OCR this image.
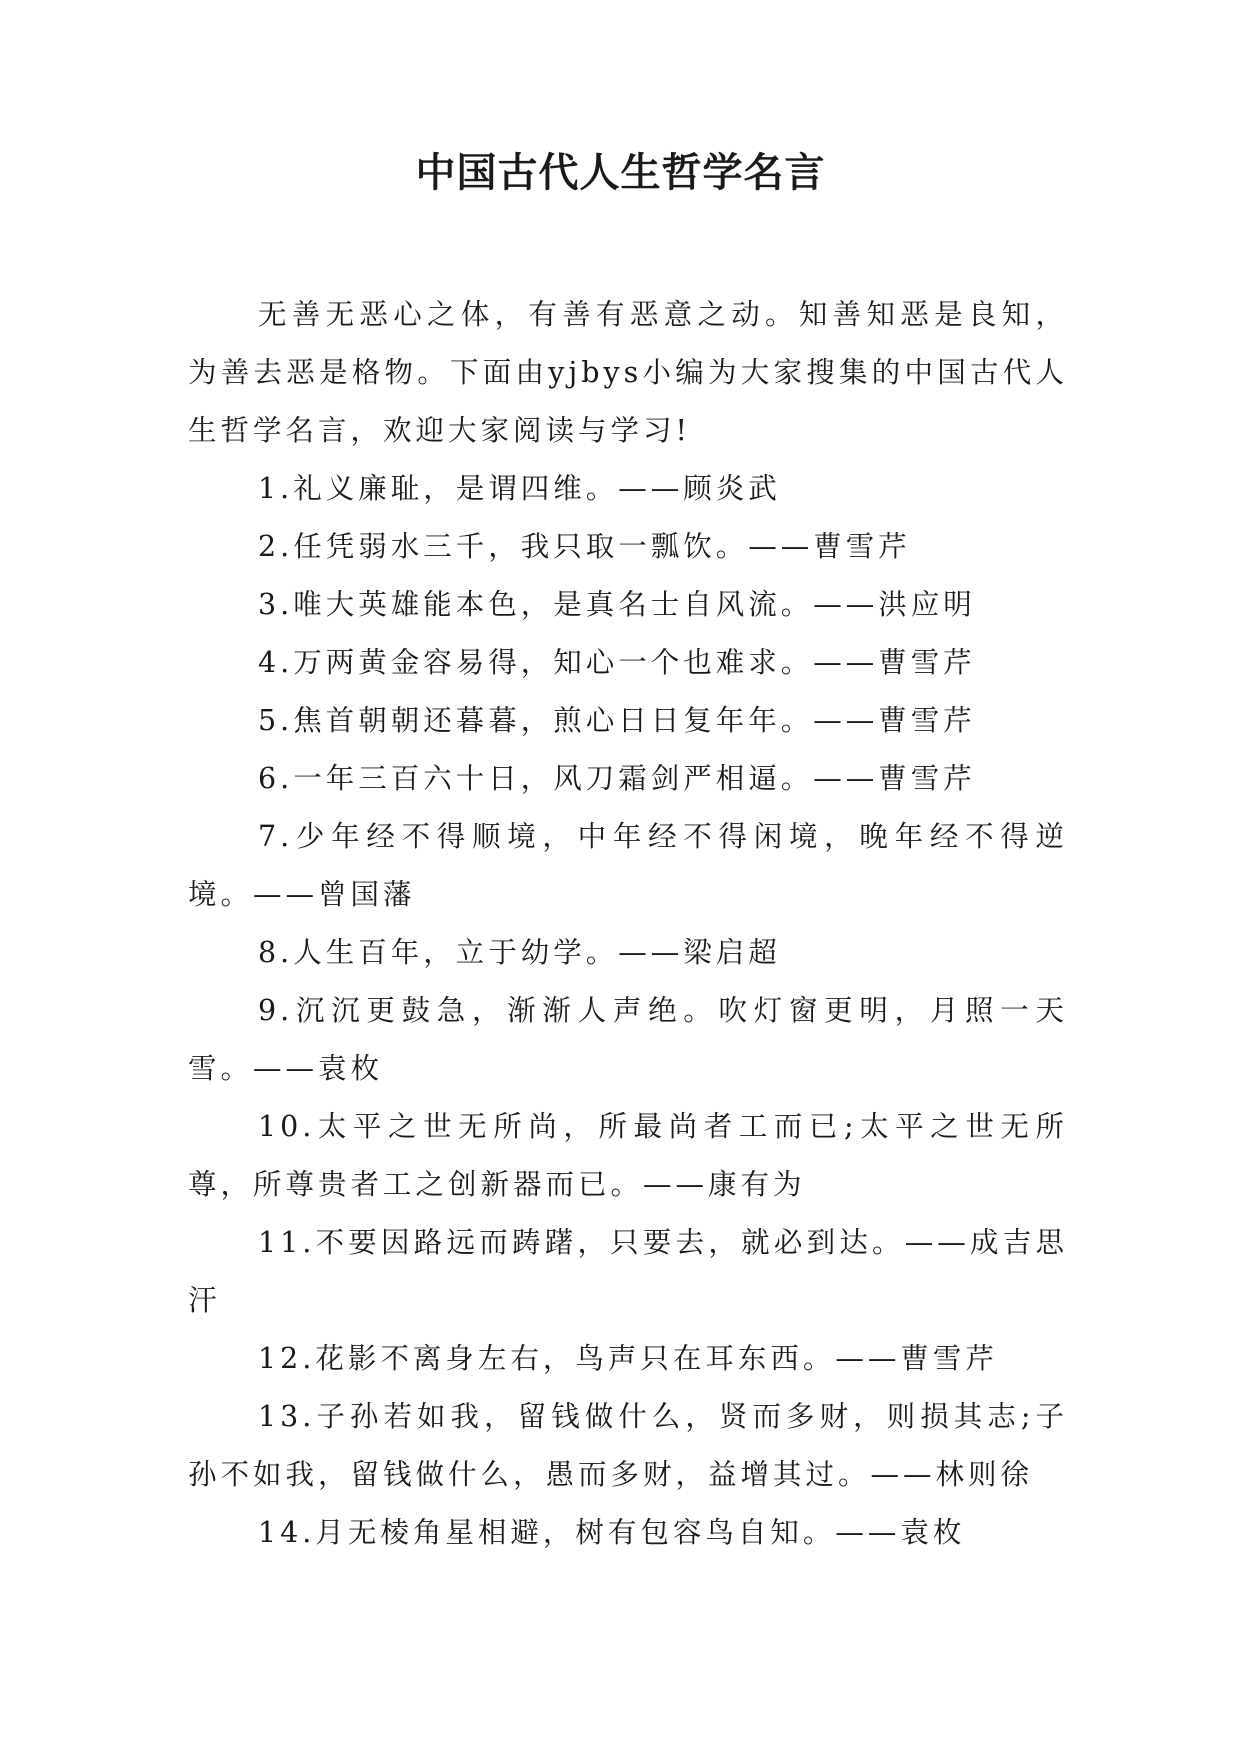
中国古代人生哲学名言

无善无恶心之体，有善有恶意之动。知善知恶是良知，为善去恶是格物。下面由yjbys小编为大家搜集的中国古代人生哲学名言，欢迎大家阅读与学习!

1.礼义廉耻，是谓四维。——顾炎武

2.任凭弱水三千，我只取一瓢饮。——曹雪芹

3.唯大英雄能本色，是真名士自风流。——洪应明

4.万两黄金容易得，知心一个也难求。——曹雪芹

5.焦首朝朝还暮暮，煎心日日复年年。——曹雪芹

6.一年三百六十日，风刀霜剑严相逼。——曹雪芹

7.少年经不得顺境，中年经不得闲境，晚年经不得逆境。——曾国藩

8.人生百年，立于幼学。——梁启超

9.沉沉更鼓急，渐渐人声绝。吹灯窗更明，月照一天雪。——袁枚

10.太平之世无所尚，所最尚者工而已;太平之世无所尊，所尊贵者工之创新器而已。——康有为

11.不要因路远而踌躇，只要去，就必到达。——成吉思汗

12.花影不离身左右，鸟声只在耳东西。——曹雪芹

13.子孙若如我，留钱做什么，贤而多财，则损其志;子孙不如我，留钱做什么，愚而多财，益增其过。——林则徐

14.月无棱角星相避，树有包容鸟自知。——袁枚
